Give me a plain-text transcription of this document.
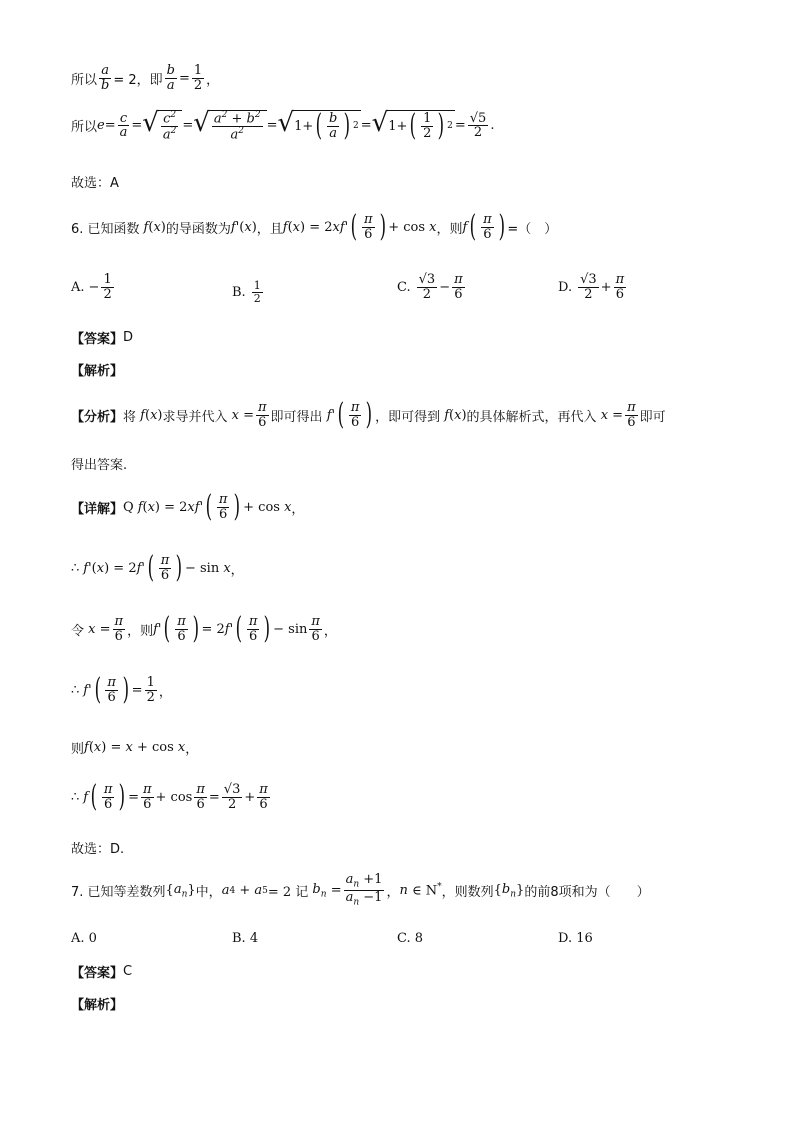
所以 $\frac{a}{b} = 2$，即 $\frac{b}{a} = \frac{1}{2}$ ，
所以 $e = \frac{c}{a}$ = √ $\frac{c^2}{a^2}$ = √ $\frac{a^2 + b^2}{a^2}$ = √ 1+ ( $\frac{b}{a}$ ) 2 = √ 1+ ( $\frac{1}{2}$ ) $2 = \frac{√5}{2}$ .
故选：A
6. 已知函数 f ( x ) 的导函数为 f '( x ) ，且 f ( x ) = 2 xf ' ( $\frac{\pi}{6}$ ) + cos x ，则 f ( $\frac{\pi}{6}$ ) =（　）
A. − $\frac{1}{2}$	B. $\frac{1}{2}$	C. $\frac{√3}{2} - \frac{\pi}{6}$	D. $\frac{√3}{2} + \frac{\pi}{6}$
【答案】 D
【解析】
【分析】 将 f ( x ) 求导并代入 $x = \frac{\pi}{6}$ 即可得出 f ' ( $\frac{\pi}{6}$ ) ，即可得到 f ( x ) 的具体解析式，再代入 $x = \frac{\pi}{6}$ 即可
得出答案.
【详解】 Q f ( x ) = 2 xf ' ( $\frac{\pi}{6}$ ) + cos x ，
∴ f '( x ) = 2 f ' ( $\frac{\pi}{6}$ ) − sin x ，
令 $x = \frac{\pi}{6}$ ，则 f ' ( $\frac{\pi}{6}$ ) = 2 f ' ( $\frac{\pi}{6}$ ) − $\sin \frac{\pi}{6}$ ，
∴ f ' ( $\frac{\pi}{6}$ ) = $\frac{1}{2}$ ，
则 f ( x ) = x + cos x ，
∴ f ( $\frac{\pi}{6}$ ) = $\frac{\pi}{6} + \cos \frac{\pi}{6} = \frac{√3}{2} + \frac{\pi}{6}$
故选：D.
7. 已知等差数列 { $a_n$ } 中， a 4 + a 5 = 2 记 $b_n = \frac{a_n +1}{a_n -1}$ ， n ∈ N* ，则数列 { $b_n$ } 的前8项和为（　　）
A. 0	B. 4	C. 8	D. 16
【答案】 C
【解析】
